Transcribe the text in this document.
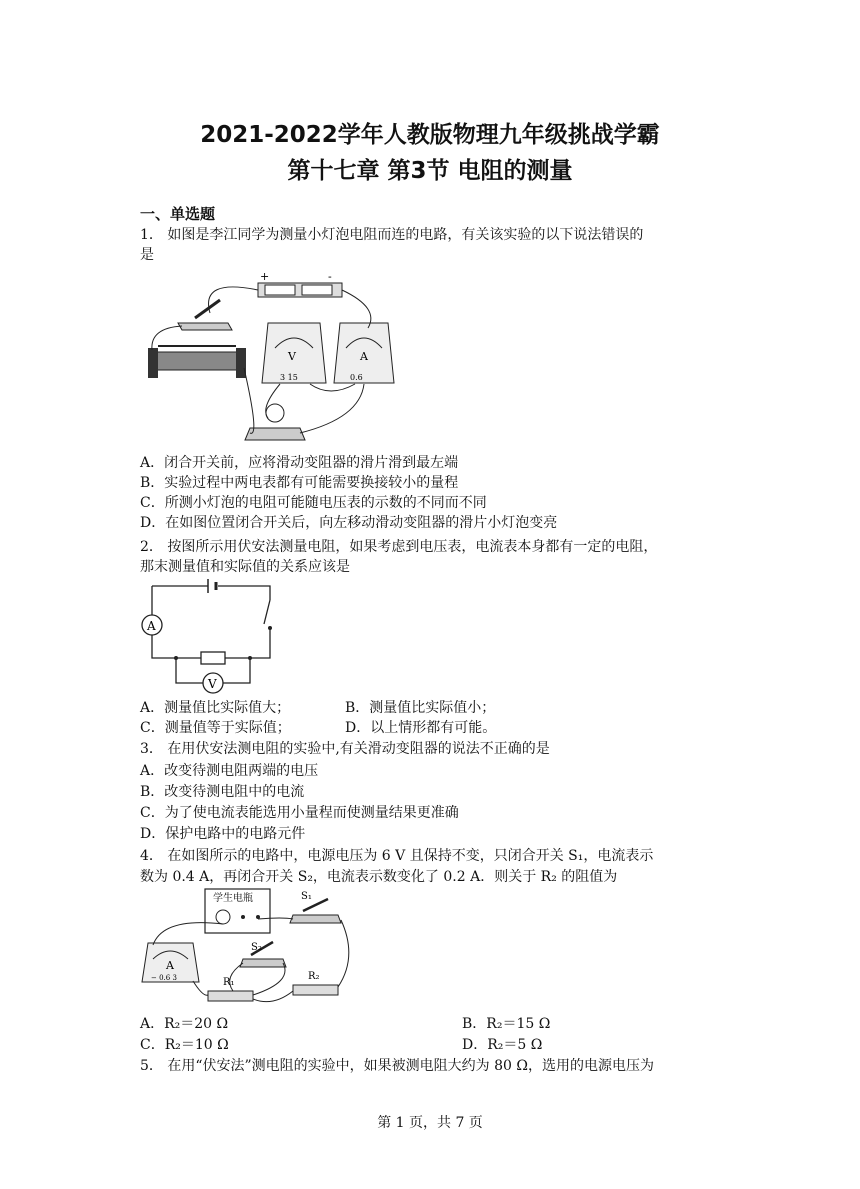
2021-2022学年人教版物理九年级挑战学霸
第十七章 第3节 电阻的测量
一、单选题
1． 如图是李江同学为测量小灯泡电阻而连的电路，有关该实验的以下说法错误的
是
+	-
V
3 15
A
0.6
A．闭合开关前，应将滑动变阻器的滑片滑到最左端
B．实验过程中两电表都有可能需要换接较小的量程
C．所测小灯泡的电阻可能随电压表的示数的不同而不同
D．在如图位置闭合开关后，向左移动滑动变阻器的滑片小灯泡变亮
2． 按图所示用伏安法测量电阻，如果考虑到电压表，电流表本身都有一定的电阻，
那末测量值和实际值的关系应该是
A
V
A．测量值比实际值大；	B．测量值比实际值小；
C．测量值等于实际值；	D．以上情形都有可能。
3． 在用伏安法测电阻的实验中,有关滑动变阻器的说法不正确的是
A．改变待测电阻两端的电压
B．改变待测电阻中的电流
C．为了使电流表能选用小量程而使测量结果更准确
D．保护电路中的电路元件
4． 在如图所示的电路中，电源电压为 6 V 且保持不变，只闭合开关 S₁，电流表示
数为 0.4 A，再闭合开关 S₂，电流表示数变化了 0.2 A．则关于 R₂ 的阻值为
学生电瓶	S₁
S₂
A
− 0.6 3	R₁
R₂
A．R₂＝20 Ω	B．R₂＝15 Ω
C．R₂＝10 Ω	D．R₂＝5 Ω
5． 在用“伏安法”测电阻的实验中，如果被测电阻大约为 80 Ω，选用的电源电压为
第 1 页，共 7 页
